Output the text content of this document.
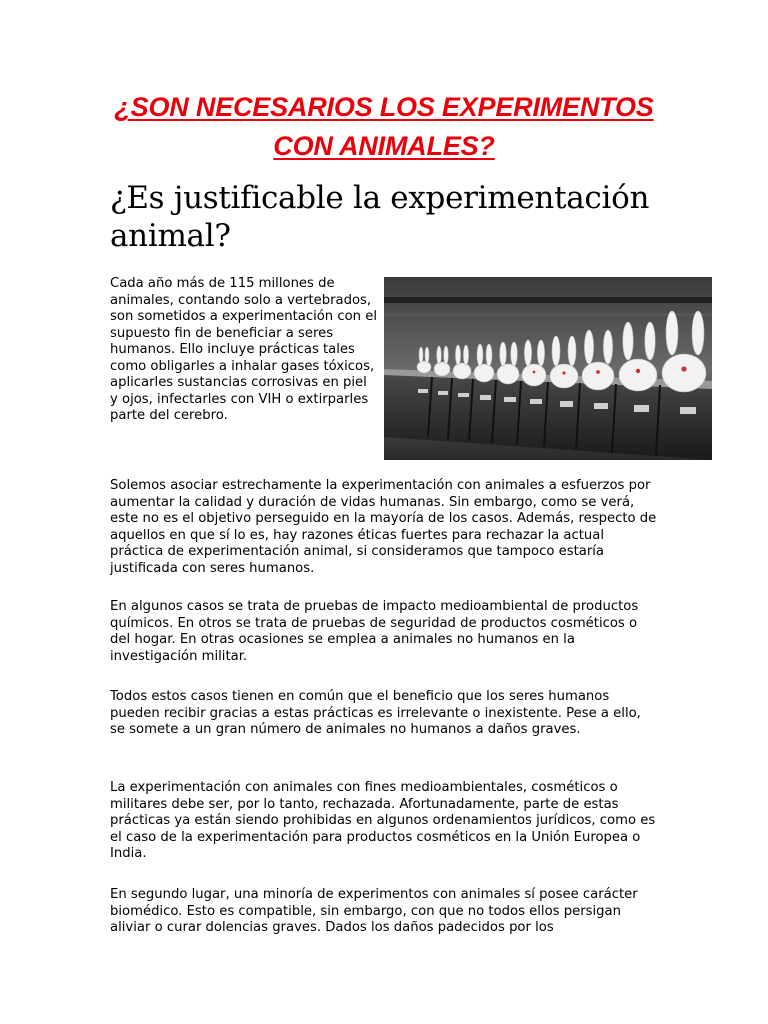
¿SON NECESARIOS LOS EXPERIMENTOS CON ANIMALES?
¿Es justificable la experimentación animal?

Cada año más de 115 millones de animales, contando solo a vertebrados, son sometidos a experimentación con el supuesto fin de beneficiar a seres humanos. Ello incluye prácticas tales como obligarles a inhalar gases tóxicos, aplicarles sustancias corrosivas en piel y ojos, infectarles con VIH o extirparles parte del cerebro.

Solemos asociar estrechamente la experimentación con animales a esfuerzos por aumentar la calidad y duración de vidas humanas. Sin embargo, como se verá, este no es el objetivo perseguido en la mayoría de los casos. Además, respecto de aquellos en que sí lo es, hay razones éticas fuertes para rechazar la actual práctica de experimentación animal, si consideramos que tampoco estaría justificada con seres humanos.

En algunos casos se trata de pruebas de impacto medioambiental de productos químicos. En otros se trata de pruebas de seguridad de productos cosméticos o del hogar. En otras ocasiones se emplea a animales no humanos en la investigación militar.

Todos estos casos tienen en común que el beneficio que los seres humanos pueden recibir gracias a estas prácticas es irrelevante o inexistente. Pese a ello, se somete a un gran número de animales no humanos a daños graves.

La experimentación con animales con fines medioambientales, cosméticos o militares debe ser, por lo tanto, rechazada. Afortunadamente, parte de estas prácticas ya están siendo prohibidas en algunos ordenamientos jurídicos, como es el caso de la experimentación para productos cosméticos en la Unión Europea o India.

En segundo lugar, una minoría de experimentos con animales sí posee carácter biomédico. Esto es compatible, sin embargo, con que no todos ellos persigan aliviar o curar dolencias graves. Dados los daños padecidos por los
